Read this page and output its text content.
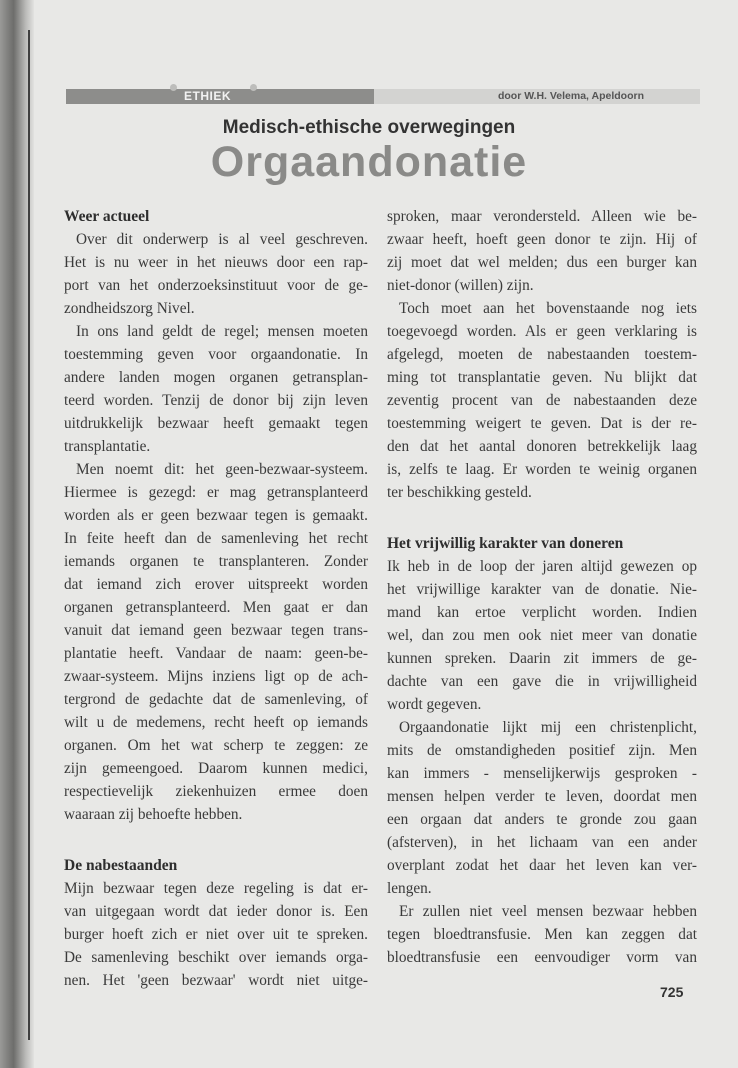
ETHIEK	door W.H. Velema, Apeldoorn
Medisch-ethische overwegingen
Orgaandonatie
Weer actueel
Over dit onderwerp is al veel geschreven.
Het is nu weer in het nieuws door een rap-
port van het onderzoeksinstituut voor de ge-
zondheidszorg Nivel.
In ons land geldt de regel; mensen moeten
toestemming geven voor orgaandonatie. In
andere landen mogen organen getransplan-
teerd worden. Tenzij de donor bij zijn leven
uitdrukkelijk bezwaar heeft gemaakt tegen
transplantatie.
Men noemt dit: het geen-bezwaar-systeem.
Hiermee is gezegd: er mag getransplanteerd
worden als er geen bezwaar tegen is gemaakt.
In feite heeft dan de samenleving het recht
iemands organen te transplanteren. Zonder
dat iemand zich erover uitspreekt worden
organen getransplanteerd. Men gaat er dan
vanuit dat iemand geen bezwaar tegen trans-
plantatie heeft. Vandaar de naam: geen-be-
zwaar-systeem. Mijns inziens ligt op de ach-
tergrond de gedachte dat de samenleving, of
wilt u de medemens, recht heeft op iemands
organen. Om het wat scherp te zeggen: ze
zijn gemeengoed. Daarom kunnen medici,
respectievelijk ziekenhuizen ermee doen
waaraan zij behoefte hebben.
De nabestaanden
Mijn bezwaar tegen deze regeling is dat er-
van uitgegaan wordt dat ieder donor is. Een
burger hoeft zich er niet over uit te spreken.
De samenleving beschikt over iemands orga-
nen. Het 'geen bezwaar' wordt niet uitge-
sproken, maar verondersteld. Alleen wie be-
zwaar heeft, hoeft geen donor te zijn. Hij of
zij moet dat wel melden; dus een burger kan
niet-donor (willen) zijn.
Toch moet aan het bovenstaande nog iets
toegevoegd worden. Als er geen verklaring is
afgelegd, moeten de nabestaanden toestem-
ming tot transplantatie geven. Nu blijkt dat
zeventig procent van de nabestaanden deze
toestemming weigert te geven. Dat is der re-
den dat het aantal donoren betrekkelijk laag
is, zelfs te laag. Er worden te weinig organen
ter beschikking gesteld.
Het vrijwillig karakter van doneren
Ik heb in de loop der jaren altijd gewezen op
het vrijwillige karakter van de donatie. Nie-
mand kan ertoe verplicht worden. Indien
wel, dan zou men ook niet meer van donatie
kunnen spreken. Daarin zit immers de ge-
dachte van een gave die in vrijwilligheid
wordt gegeven.
Orgaandonatie lijkt mij een christenplicht,
mits de omstandigheden positief zijn. Men
kan immers - menselijkerwijs gesproken -
mensen helpen verder te leven, doordat men
een orgaan dat anders te gronde zou gaan
(afsterven), in het lichaam van een ander
overplant zodat het daar het leven kan ver-
lengen.
Er zullen niet veel mensen bezwaar hebben
tegen bloedtransfusie. Men kan zeggen dat
bloedtransfusie een eenvoudiger vorm van
725
